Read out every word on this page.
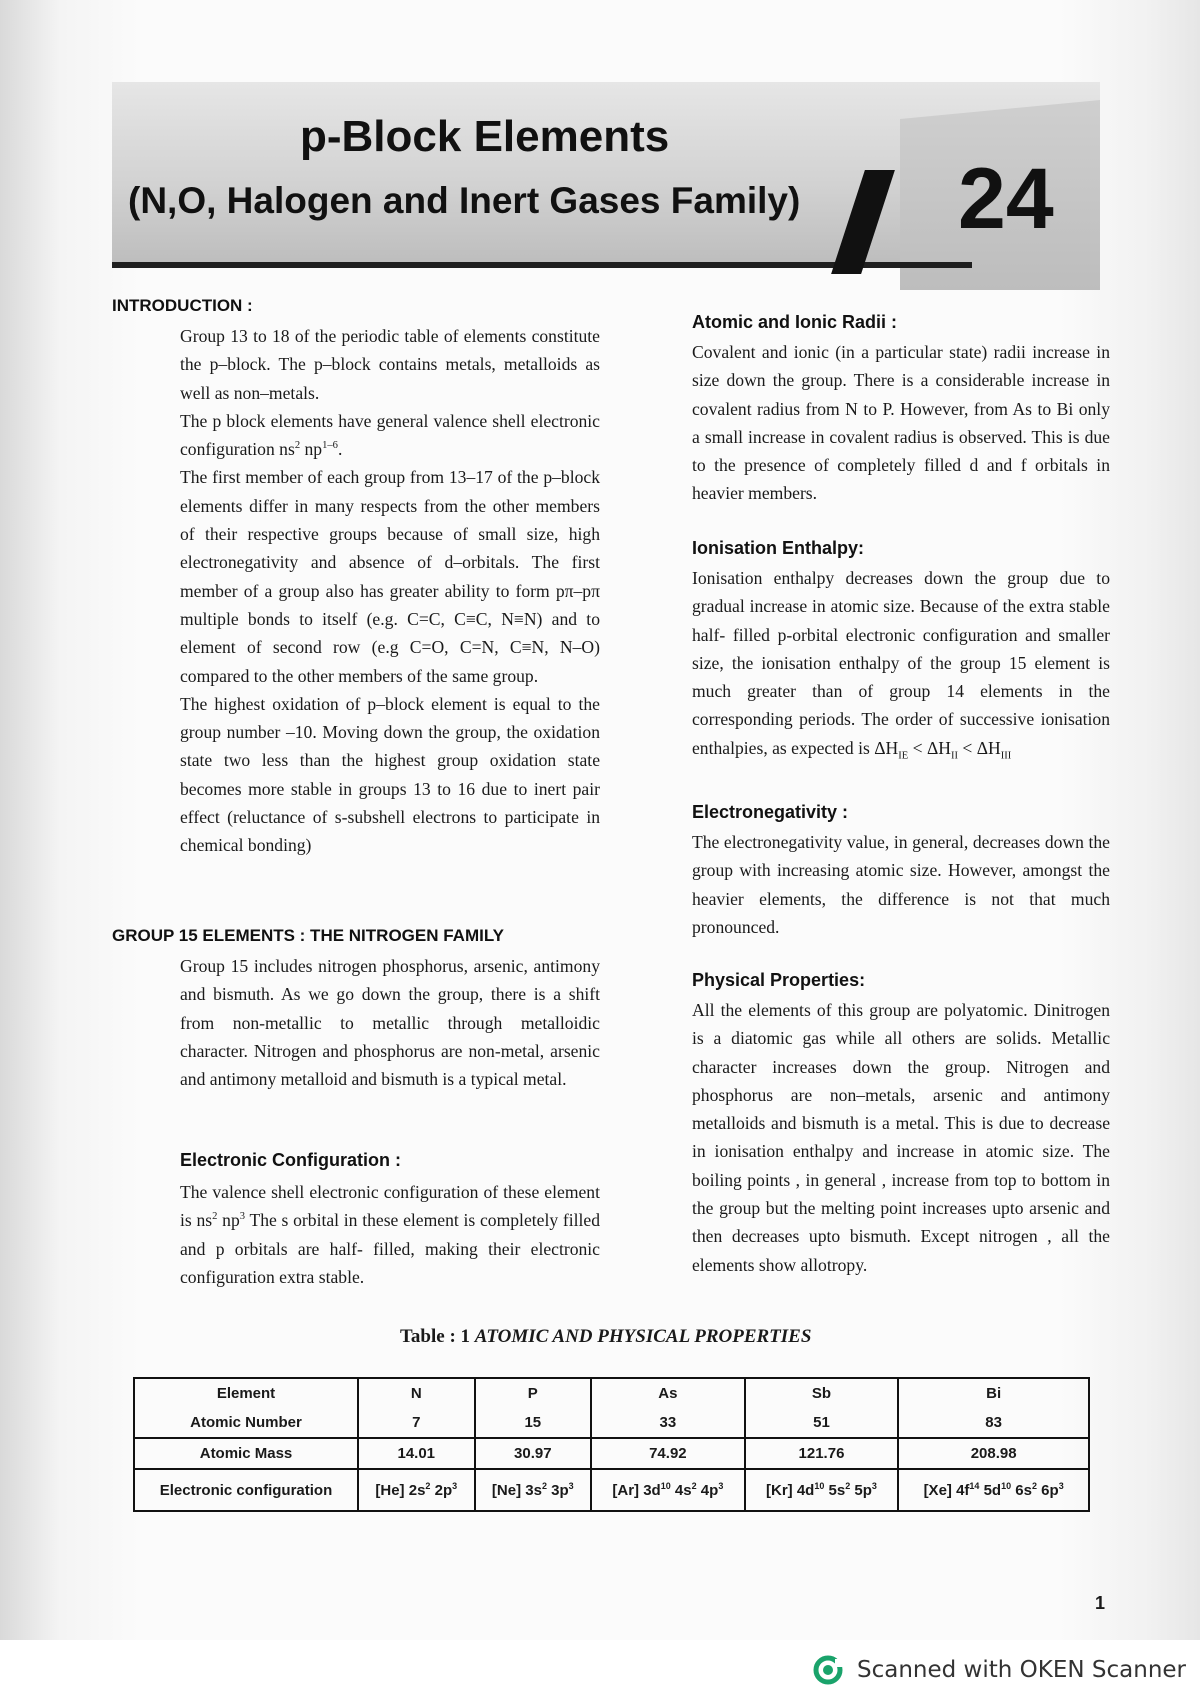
p-Block Elements
(N,O, Halogen and Inert Gases Family)	24
INTRODUCTION :
Group 13 to 18 of the periodic table of elements constitute the p–block. The p–block contains metals, metalloids as well as non–metals.
The p block elements have general valence shell electronic configuration $ns^2$ $np^{1-6}$.
The first member of each group from 13–17 of the p–block elements differ in many respects from the other members of their respective groups because of small size, high electronegativity and absence of d–orbitals. The first member of a group also has greater ability to form pπ–pπ multiple bonds to itself (e.g. C=C, C≡C, N≡N) and to element of second row (e.g C=O, C=N, C≡N, N–O) compared to the other members of the same group.
The highest oxidation of p–block element is equal to the group number –10. Moving down the group, the oxidation state two less than the highest group oxidation state becomes more stable in groups 13 to 16 due to inert pair effect (reluctance of s-subshell electrons to participate in chemical bonding)
GROUP 15 ELEMENTS : THE NITROGEN FAMILY
Group 15 includes nitrogen phosphorus, arsenic, antimony and bismuth. As we go down the group, there is a shift from non-metallic to metallic through metalloidic character. Nitrogen and phosphorus are non-metal, arsenic and antimony metalloid and bismuth is a typical metal.
Electronic Configuration :
The valence shell electronic configuration of these element is $ns^2$ $np^3$ The s orbital in these element is completely filled and p orbitals are half- filled, making their electronic configuration extra stable.
Atomic and Ionic Radii :
Covalent and ionic (in a particular state) radii increase in size down the group. There is a considerable increase in covalent radius from N to P. However, from As to Bi only a small increase in covalent radius is observed. This is due to the presence of completely filled d and f orbitals in heavier members.
Ionisation Enthalpy:
Ionisation enthalpy decreases down the group due to gradual increase in atomic size. Because of the extra stable half- filled p-orbital electronic configuration and smaller size, the ionisation enthalpy of the group 15 element is much greater than of group 14 elements in the corresponding periods. The order of successive ionisation enthalpies, as expected is $\Delta H_{IE} < \Delta H_{II} < \Delta H_{III}$
Electronegativity :
The electronegativity value, in general, decreases down the group with increasing atomic size. However, amongst the heavier elements, the difference is not that much pronounced.
Physical Properties:
All the elements of this group are polyatomic. Dinitrogen is a diatomic gas while all others are solids. Metallic character increases down the group. Nitrogen and phosphorus are non–metals, arsenic and antimony metalloids and bismuth is a metal. This is due to decrease in ionisation enthalpy and increase in atomic size. The boiling points , in general , increase from top to bottom in the group but the melting point increases upto arsenic and then decreases upto bismuth. Except nitrogen , all the elements show allotropy.
Table : 1 ATOMIC AND PHYSICAL PROPERTIES
Element	N	P	As	Sb	Bi
Atomic Number	7	15	33	51	83
Atomic Mass	14.01	30.97	74.92	121.76	208.98
Electronic configuration	[He] $2s^2$ $2p^3$	[Ne] $3s^2$ $3p^3$	[Ar] $3d^{10}$ $4s^2$ $4p^3$	[Kr] $4d^{10}$ $5s^2$ $5p^3$	[Xe] $4f^{14}$ $5d^{10}$ $6s^2$ $6p^3$
1
Scanned with OKEN Scanner
